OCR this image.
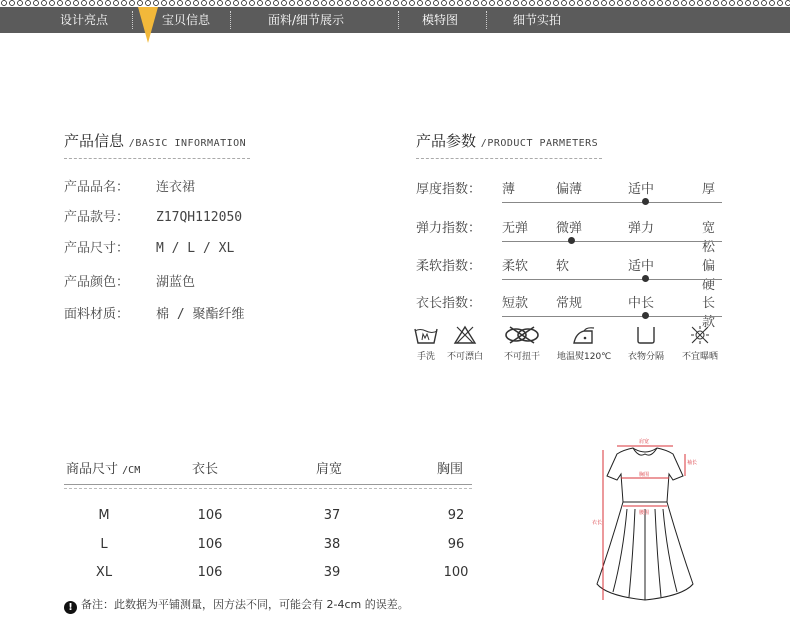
设计亮点	面料/细节展示	模特图	细节实拍
宝贝信息
产品信息 /BASIC INFORMATION
产品品名： 连衣裙
产品款号： Z17QH112050
产品尺寸： M / L / XL
产品颜色： 湖蓝色
面料材质： 棉 / 聚酯纤维
产品参数 /PRODUCT PARMETERS
厚度指数： 薄	偏薄	适中	厚
弹力指数： 无弹 微弹	弹力	宽松
柔软指数： 柔软 软	适中	偏硬
衣长指数： 短款 常规	中长	长款
手洗	不可漂白 不可扭干 地温熨120℃ 衣物分隔 不宜曝晒
商品尺寸 /CM	衣长	肩宽	胸围
M	106	37	92
L	106	38	96
XL	106	39	100
! 备注：此数据为平铺测量，因方法不同，可能会有 2-4cm 的误差。
肩宽
胸围
腰围
袖长
衣长
